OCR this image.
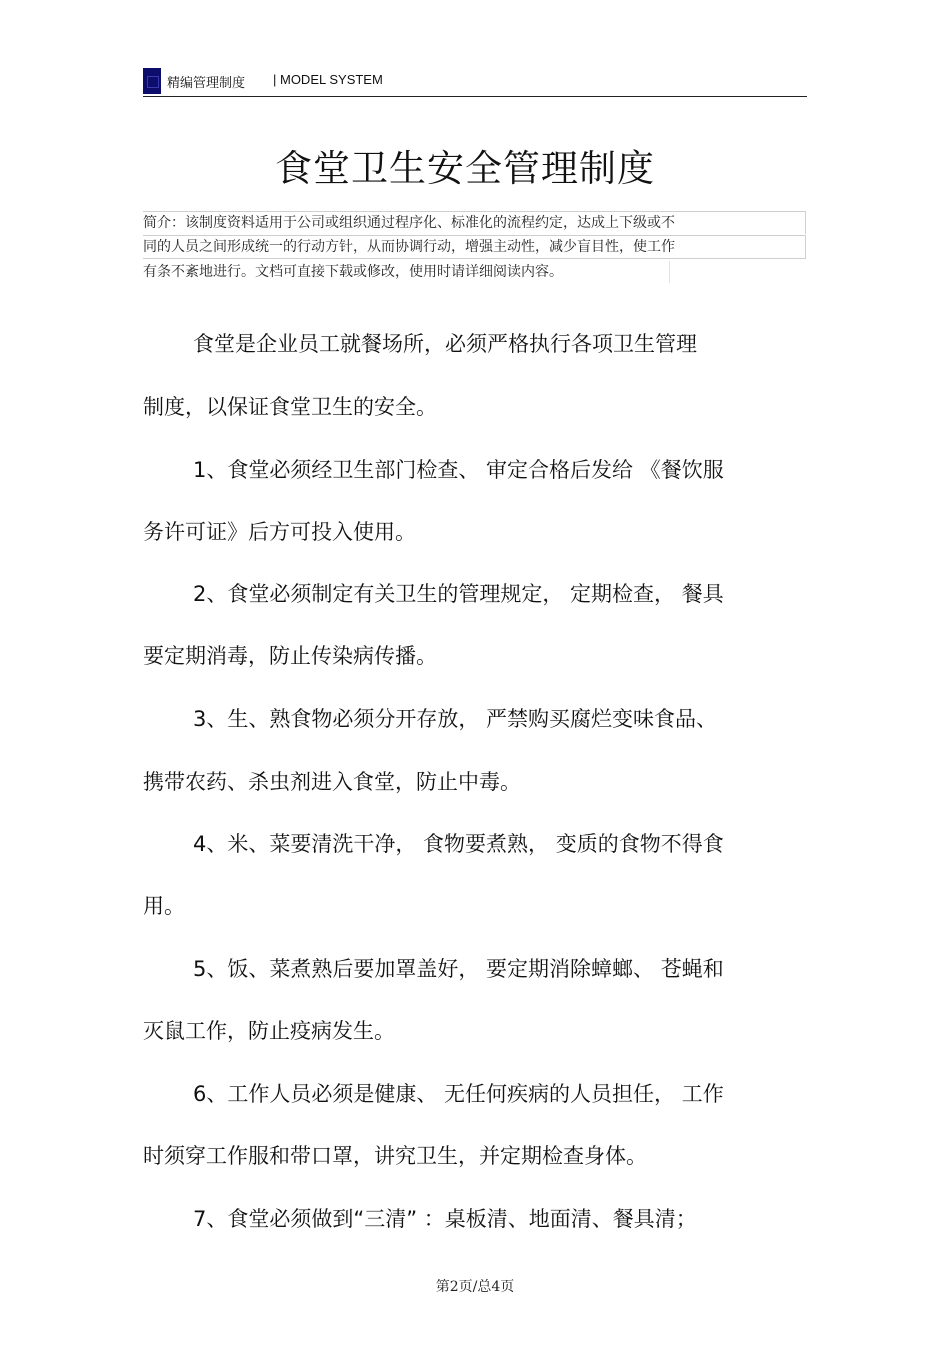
精编管理制度 | MODEL SYSTEM
食堂卫生安全管理制度
简介：该制度资料适用于公司或组织通过程序化、标准化的流程约定，达成上下级或不
同的人员之间形成统一的行动方针，从而协调行动，增强主动性，减少盲目性，使工作
有条不紊地进行。文档可直接下载或修改，使用时请详细阅读内容。
食堂是企业员工就餐场所，必须严格执行各项卫生管理
制度，以保证食堂卫生的安全。
1、食堂必须经卫生部门检查、 审定合格后发给 《餐饮服
务许可证》后方可投入使用。
2、食堂必须制定有关卫生的管理规定， 定期检查， 餐具
要定期消毒，防止传染病传播。
3、生、熟食物必须分开存放， 严禁购买腐烂变味食品、
携带农药、杀虫剂进入食堂，防止中毒。
4、米、菜要清洗干净， 食物要煮熟， 变质的食物不得食
用。
5、饭、菜煮熟后要加罩盖好， 要定期消除蟑螂、 苍蝇和
灭鼠工作，防止疫病发生。
6、工作人员必须是健康、 无任何疾病的人员担任， 工作
时须穿工作服和带口罩，讲究卫生，并定期检查身体。
7、食堂必须做到“三清” ：桌板清、地面清、餐具清；
第2页/总4页
